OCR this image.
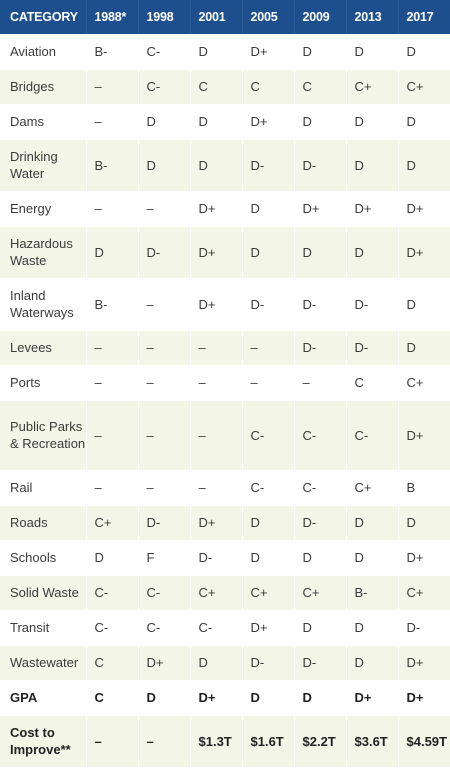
CATEGORY	1988*	1998	2001	2005	2009	2013	2017
Aviation	B-	C-	D	D+	D	D	D
Bridges	–	C-	C	C	C	C+	C+
Dams	–	D	D	D+	D	D	D
Drinking Water	B-	D	D	D-	D-	D	D
Energy	–	–	D+	D	D+	D+	D+
Hazardous Waste	D	D-	D+	D	D	D	D+
Inland Waterways	B-	–	D+	D-	D-	D-	D
Levees	–	–	–	–	D-	D-	D
Ports	–	–	–	–	–	C	C+
Public Parks & Recreation	–	–	–	C-	C-	C-	D+
Rail	–	–	–	C-	C-	C+	B
Roads	C+	D-	D+	D	D-	D	D
Schools	D	F	D-	D	D	D	D+
Solid Waste	C-	C-	C+	C+	C+	B-	C+
Transit	C-	C-	C-	D+	D	D	D-
Wastewater	C	D+	D	D-	D-	D	D+
GPA	C	D	D+	D	D	D+	D+
Cost to Improve**	–	–	$1.3T	$1.6T	$2.2T	$3.6T	$4.59T
